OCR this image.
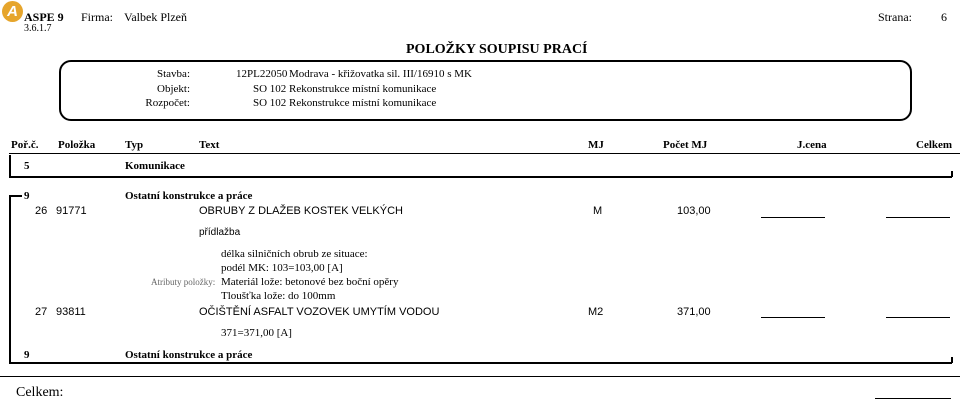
A ASPE 9
3.6.1.7
Firma: Valbek Plzeň	Strana: 6
POLOŽKY SOUPISU PRACÍ
Stavba:	12PL22050 Modrava - křižovatka sil. III/16910 s MK
Objekt:	SO 102 Rekonstrukce místní komunikace
Rozpočet:	SO 102 Rekonstrukce místní komunikace
Poř.č. Položka	Typ	Text	MJ	Počet MJ	J.cena	Celkem
5	Komunikace
9	Ostatní konstrukce a práce
26 91771	OBRUBY Z DLAŽEB KOSTEK VELKÝCH	M	103,00
přídlažba
délka silničních obrub ze situace:
podél MK: 103=103,00 [A]
Atributy položky: Materiál lože: betonové bez boční opěry
Tloušťka lože: do 100mm
27 93811	OČIŠTĚNÍ ASFALT VOZOVEK UMYTÍM VODOU	M2	371,00
371=371,00 [A]
9	Ostatní konstrukce a práce
Celkem:
